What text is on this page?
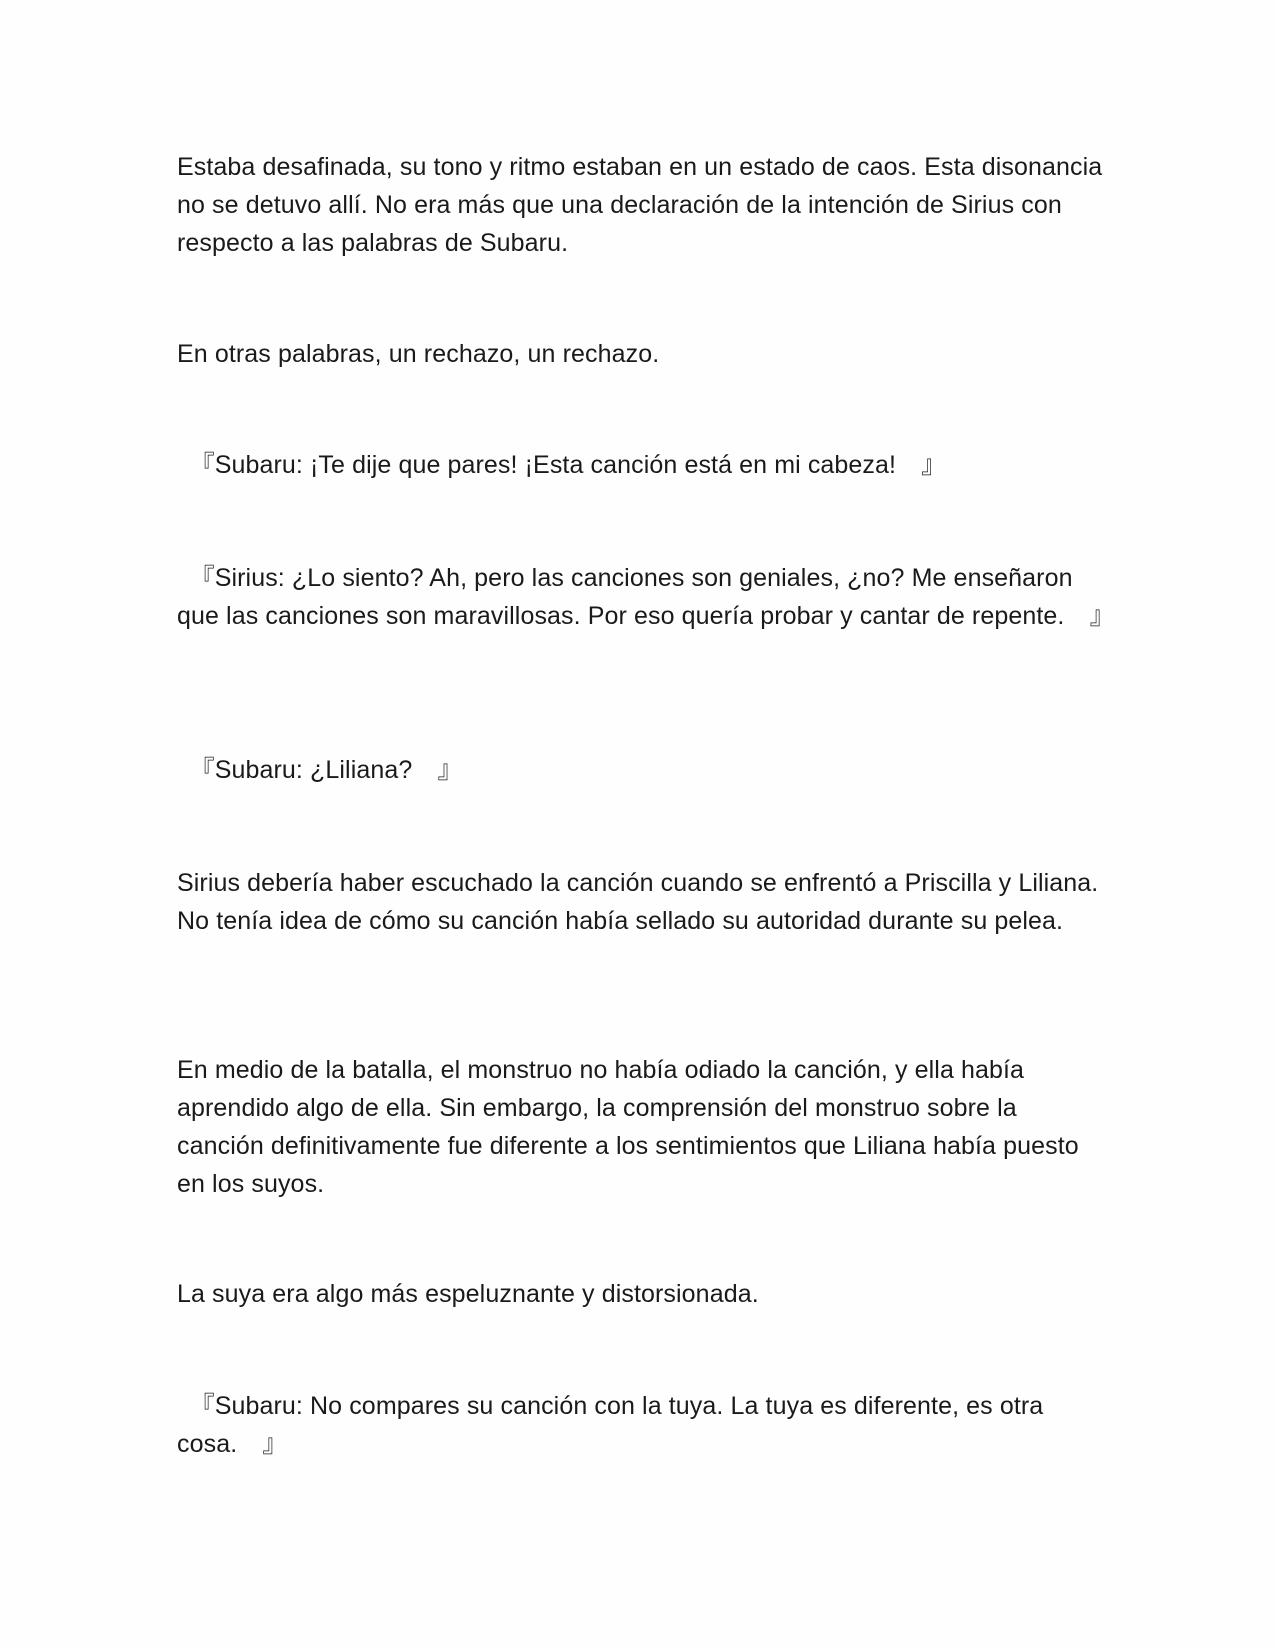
Estaba desafinada, su tono y ritmo estaban en un estado de caos. Esta disonancia no se detuvo allí. No era más que una declaración de la intención de Sirius con respecto a las palabras de Subaru.

En otras palabras, un rechazo, un rechazo.

　『Subaru: ¡Te dije que pares! ¡Esta canción está en mi cabeza!　』

　『Sirius: ¿Lo siento? Ah, pero las canciones son geniales, ¿no? Me enseñaron que las canciones son maravillosas. Por eso quería probar y cantar de repente.　』

　『Subaru: ¿Liliana?　』

Sirius debería haber escuchado la canción cuando se enfrentó a Priscilla y Liliana. No tenía idea de cómo su canción había sellado su autoridad durante su pelea.

En medio de la batalla, el monstruo no había odiado la canción, y ella había aprendido algo de ella. Sin embargo, la comprensión del monstruo sobre la canción definitivamente fue diferente a los sentimientos que Liliana había puesto en los suyos.

La suya era algo más espeluznante y distorsionada.

　『Subaru: No compares su canción con la tuya. La tuya es diferente, es otra cosa.　』
